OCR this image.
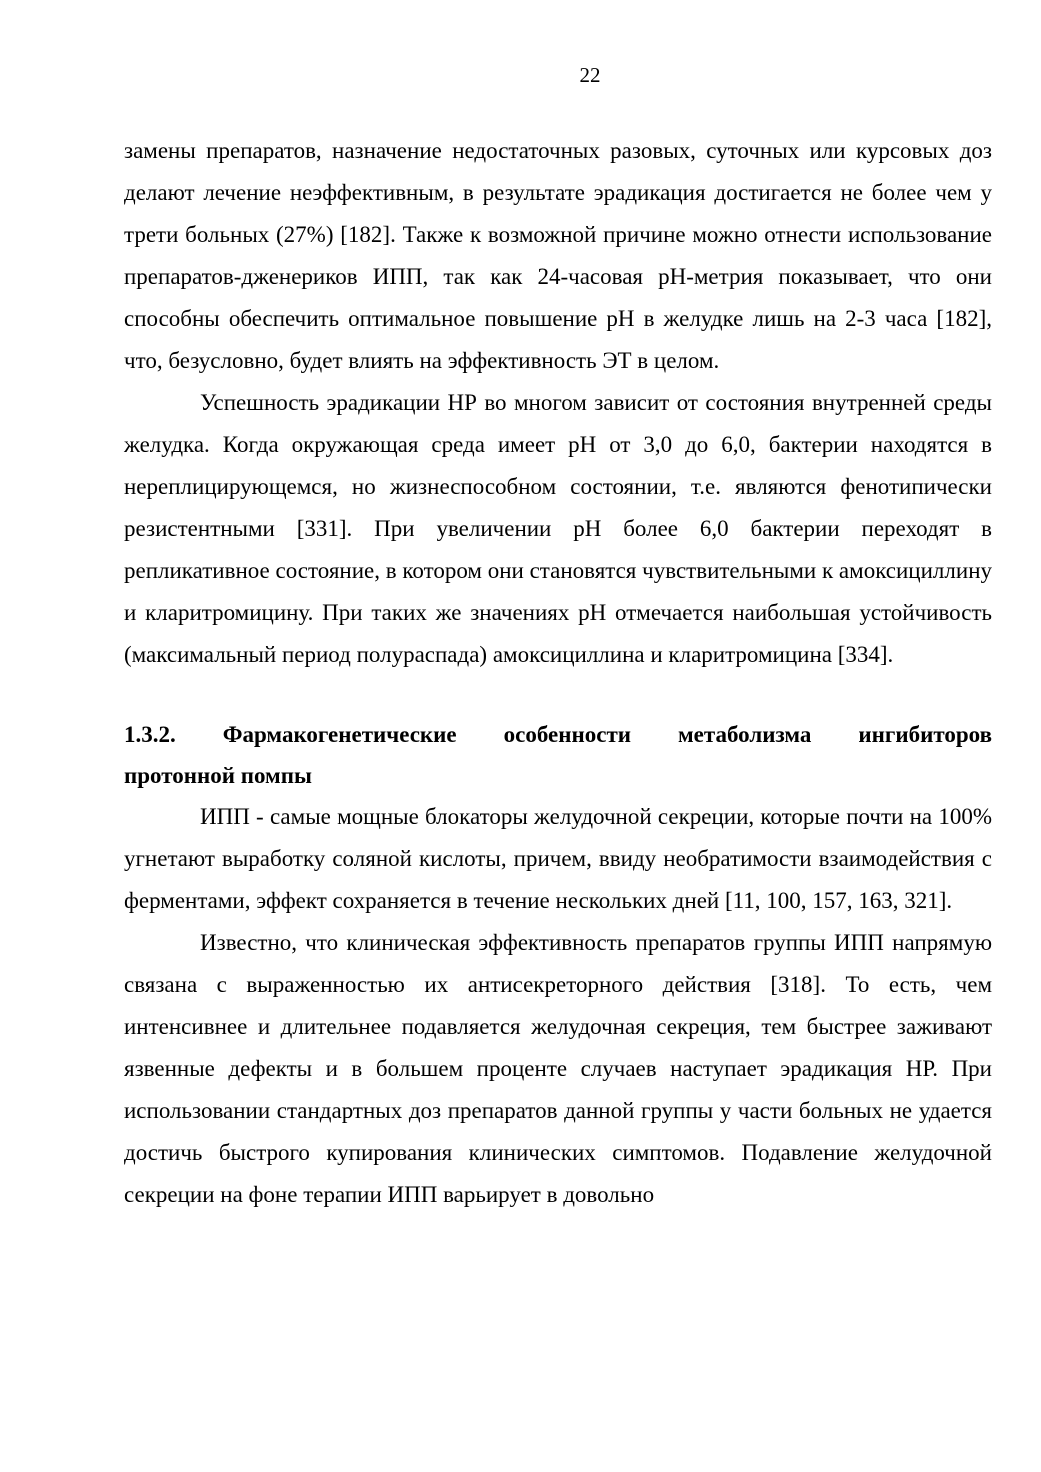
22

замены препаратов, назначение недостаточных разовых, суточных или курсовых доз делают лечение неэффективным, в результате эрадикация достигается не более чем у трети больных (27%) [182]. Также к возможной причине можно отнести использование препаратов-дженериков ИПП, так как 24-часовая рН-метрия показывает, что они способны обеспечить оптимальное повышение рН в желудке лишь на 2-3 часа [182], что, безусловно, будет влиять на эффективность ЭТ в целом.

Успешность эрадикации НР во многом зависит от состояния внутренней среды желудка. Когда окружающая среда имеет рН от 3,0 до 6,0, бактерии находятся в нереплицирующемся, но жизнеспособном состоянии, т.е. являются фенотипически резистентными [331]. При увеличении рН более 6,0 бактерии переходят в репликативное состояние, в котором они становятся чувствительными к амоксициллину и кларитромицину. При таких же значениях рН отмечается наибольшая устойчивость (максимальный период полураспада) амоксициллина и кларитромицина [334].

1.3.2. Фармакогенетические особенности метаболизма ингибиторов
протонной помпы

ИПП - самые мощные блокаторы желудочной секреции, которые почти на 100% угнетают выработку соляной кислоты, причем, ввиду необратимости взаимодействия с ферментами, эффект сохраняется в течение нескольких дней [11, 100, 157, 163, 321].

Известно, что клиническая эффективность препаратов группы ИПП напрямую связана с выраженностью их антисекреторного действия [318]. То есть, чем интенсивнее и длительнее подавляется желудочная секреция, тем быстрее заживают язвенные дефекты и в большем проценте случаев наступает эрадикация НР. При использовании стандартных доз препаратов данной группы у части больных не удается достичь быстрого купирования клинических симптомов. Подавление желудочной секреции на фоне терапии ИПП варьирует в довольно
